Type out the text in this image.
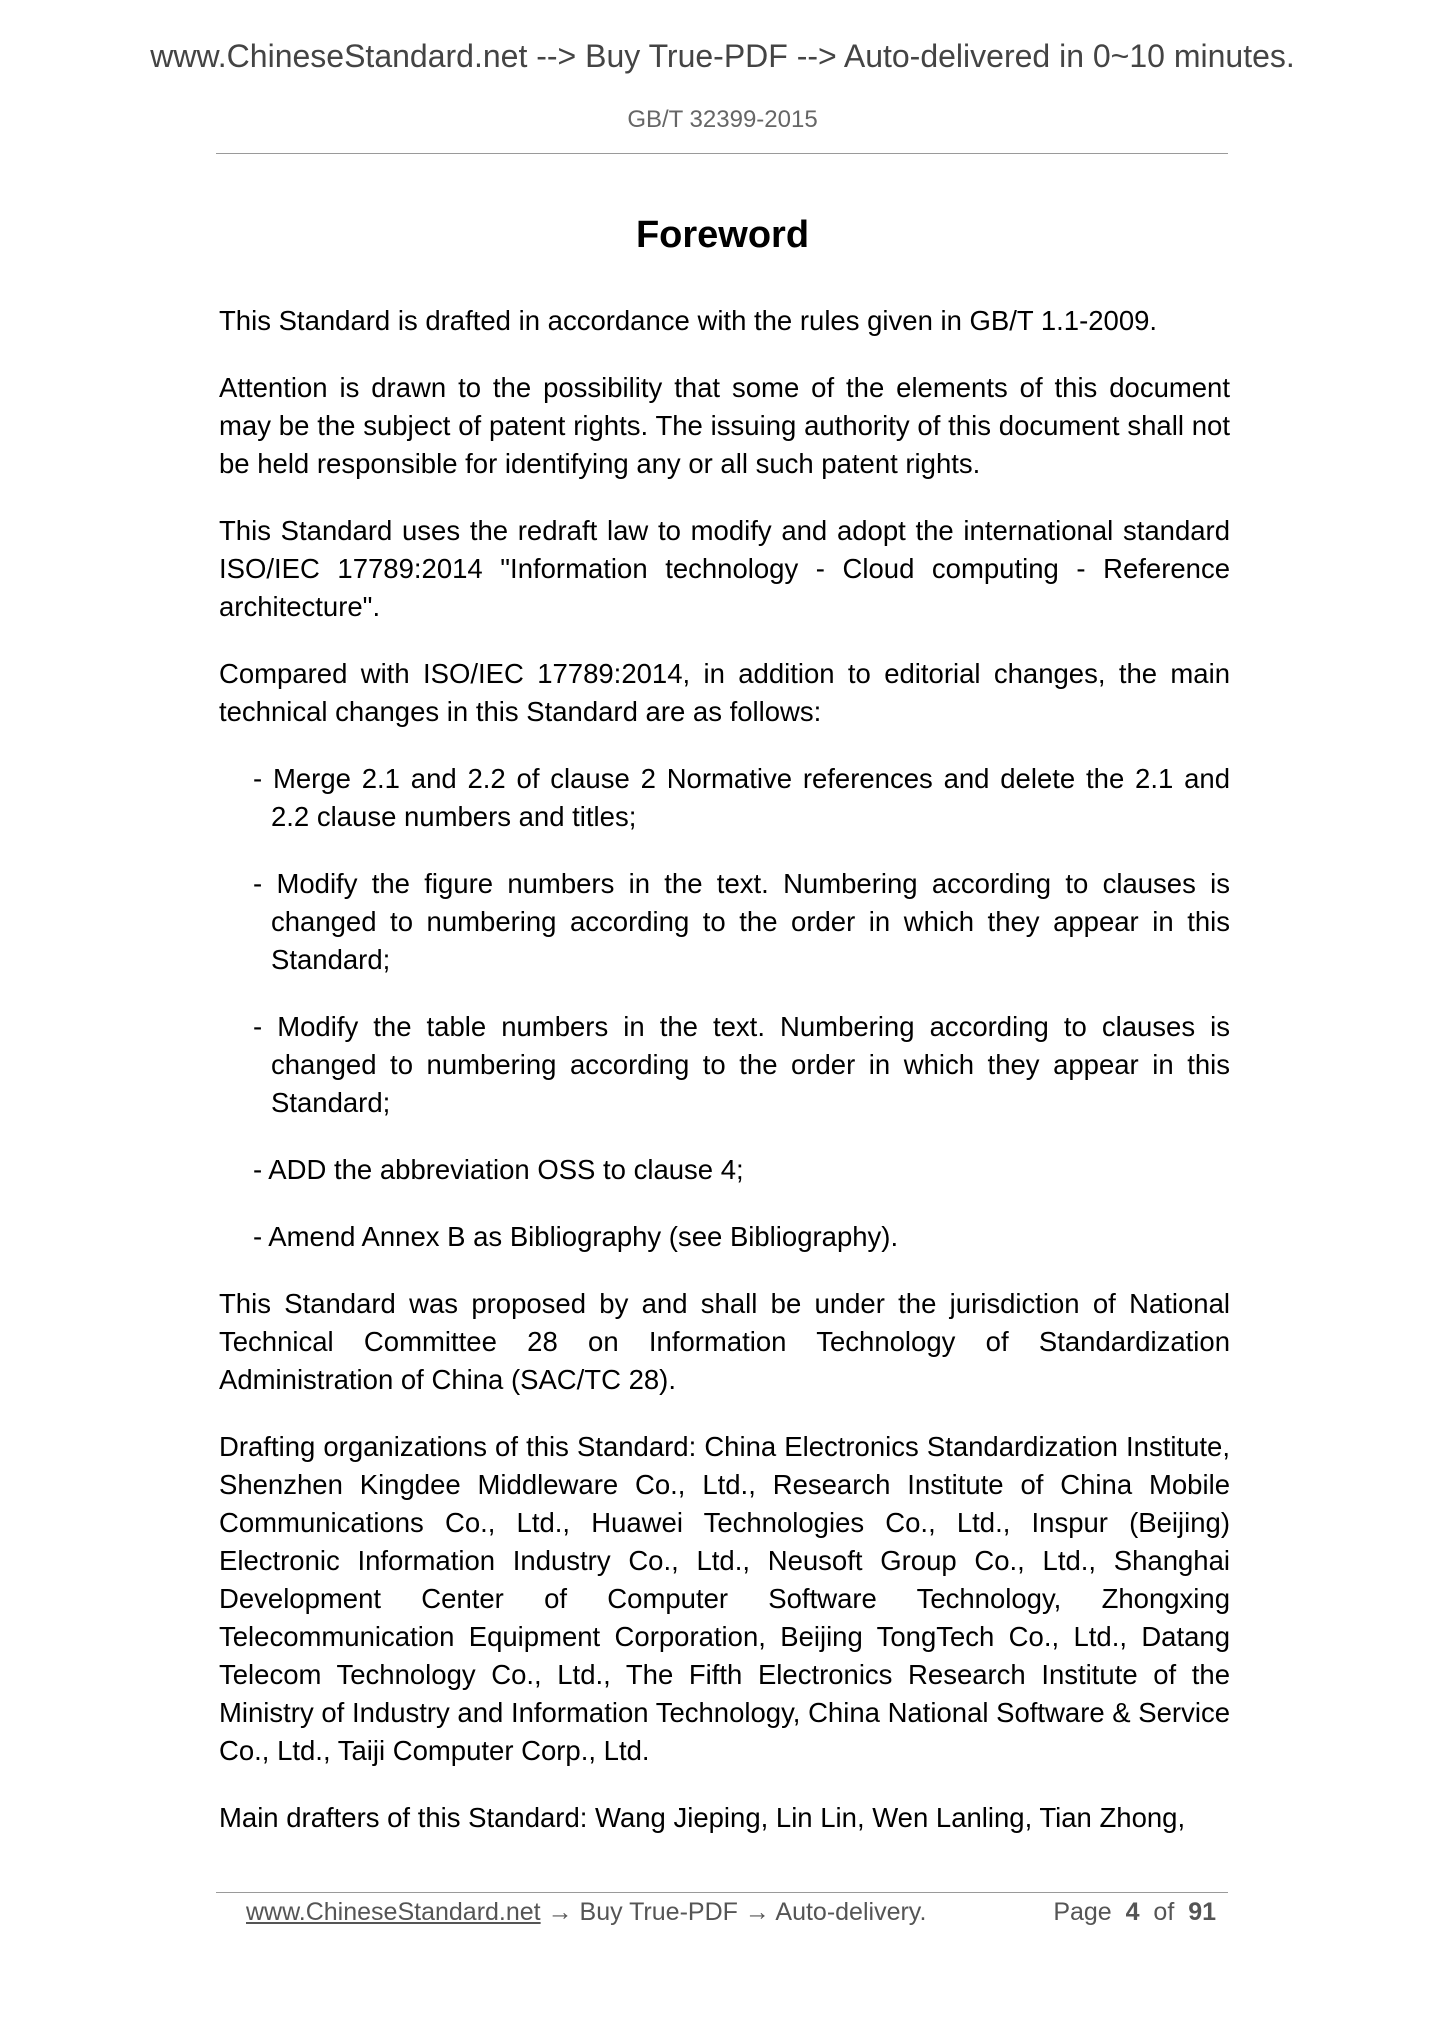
www.ChineseStandard.net --> Buy True-PDF --> Auto-delivered in 0~10 minutes.
GB/T 32399-2015
Foreword

This Standard is drafted in accordance with the rules given in GB/T 1.1-2009.

Attention is drawn to the possibility that some of the elements of this document may be the subject of patent rights. The issuing authority of this document shall not be held responsible for identifying any or all such patent rights.

This Standard uses the redraft law to modify and adopt the international standard ISO/IEC 17789:2014 "Information technology - Cloud computing - Reference architecture".

Compared with ISO/IEC 17789:2014, in addition to editorial changes, the main technical changes in this Standard are as follows:

- Merge 2.1 and 2.2 of clause 2 Normative references and delete the 2.1 and 2.2 clause numbers and titles;

- Modify the figure numbers in the text. Numbering according to clauses is changed to numbering according to the order in which they appear in this Standard;

- Modify the table numbers in the text. Numbering according to clauses is changed to numbering according to the order in which they appear in this Standard;

- ADD the abbreviation OSS to clause 4;

- Amend Annex B as Bibliography (see Bibliography).

This Standard was proposed by and shall be under the jurisdiction of National Technical Committee 28 on Information Technology of Standardization Administration of China (SAC/TC 28).

Drafting organizations of this Standard: China Electronics Standardization Institute, Shenzhen Kingdee Middleware Co., Ltd., Research Institute of China Mobile Communications Co., Ltd., Huawei Technologies Co., Ltd., Inspur (Beijing) Electronic Information Industry Co., Ltd., Neusoft Group Co., Ltd., Shanghai Development Center of Computer Software Technology, Zhongxing Telecommunication Equipment Corporation, Beijing TongTech Co., Ltd., Datang Telecom Technology Co., Ltd., The Fifth Electronics Research Institute of the Ministry of Industry and Information Technology, China National Software & Service Co., Ltd., Taiji Computer Corp., Ltd.

Main drafters of this Standard: Wang Jieping, Lin Lin, Wen Lanling, Tian Zhong,

www.ChineseStandard.net → Buy True-PDF → Auto-delivery.	Page 4 of 91
